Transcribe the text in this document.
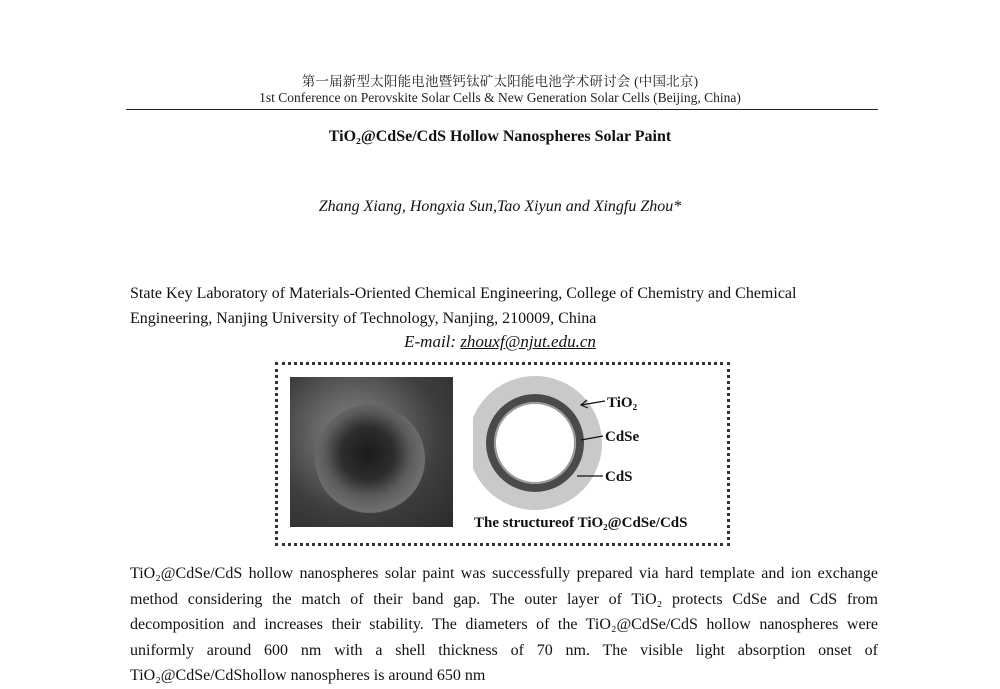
第一届新型太阳能电池暨钙钛矿太阳能电池学术研讨会 (中国北京)
1st Conference on Perovskite Solar Cells & New Generation Solar Cells (Beijing, China)
TiO₂@CdSe/CdS Hollow Nanospheres Solar Paint
Zhang Xiang, Hongxia Sun,Tao Xiyun and Xingfu Zhou*
State Key Laboratory of Materials-Oriented Chemical Engineering, College of Chemistry and Chemical Engineering, Nanjing University of Technology, Nanjing, 210009, China
E-mail: zhouxf@njut.edu.cn
TiO₂
CdSe
CdS
The structureof TiO₂@CdSe/CdS
TiO₂@CdSe/CdS hollow nanospheres solar paint was successfully prepared via hard template and ion exchange method considering the match of their band gap. The outer layer of TiO₂ protects CdSe and CdS from decomposition and increases their stability. The diameters of the TiO₂@CdSe/CdS hollow nanospheres were uniformly around 600 nm with a shell thickness of 70 nm. The visible light absorption onset of TiO₂@CdSe/CdShollow nanospheres is around 650 nm
